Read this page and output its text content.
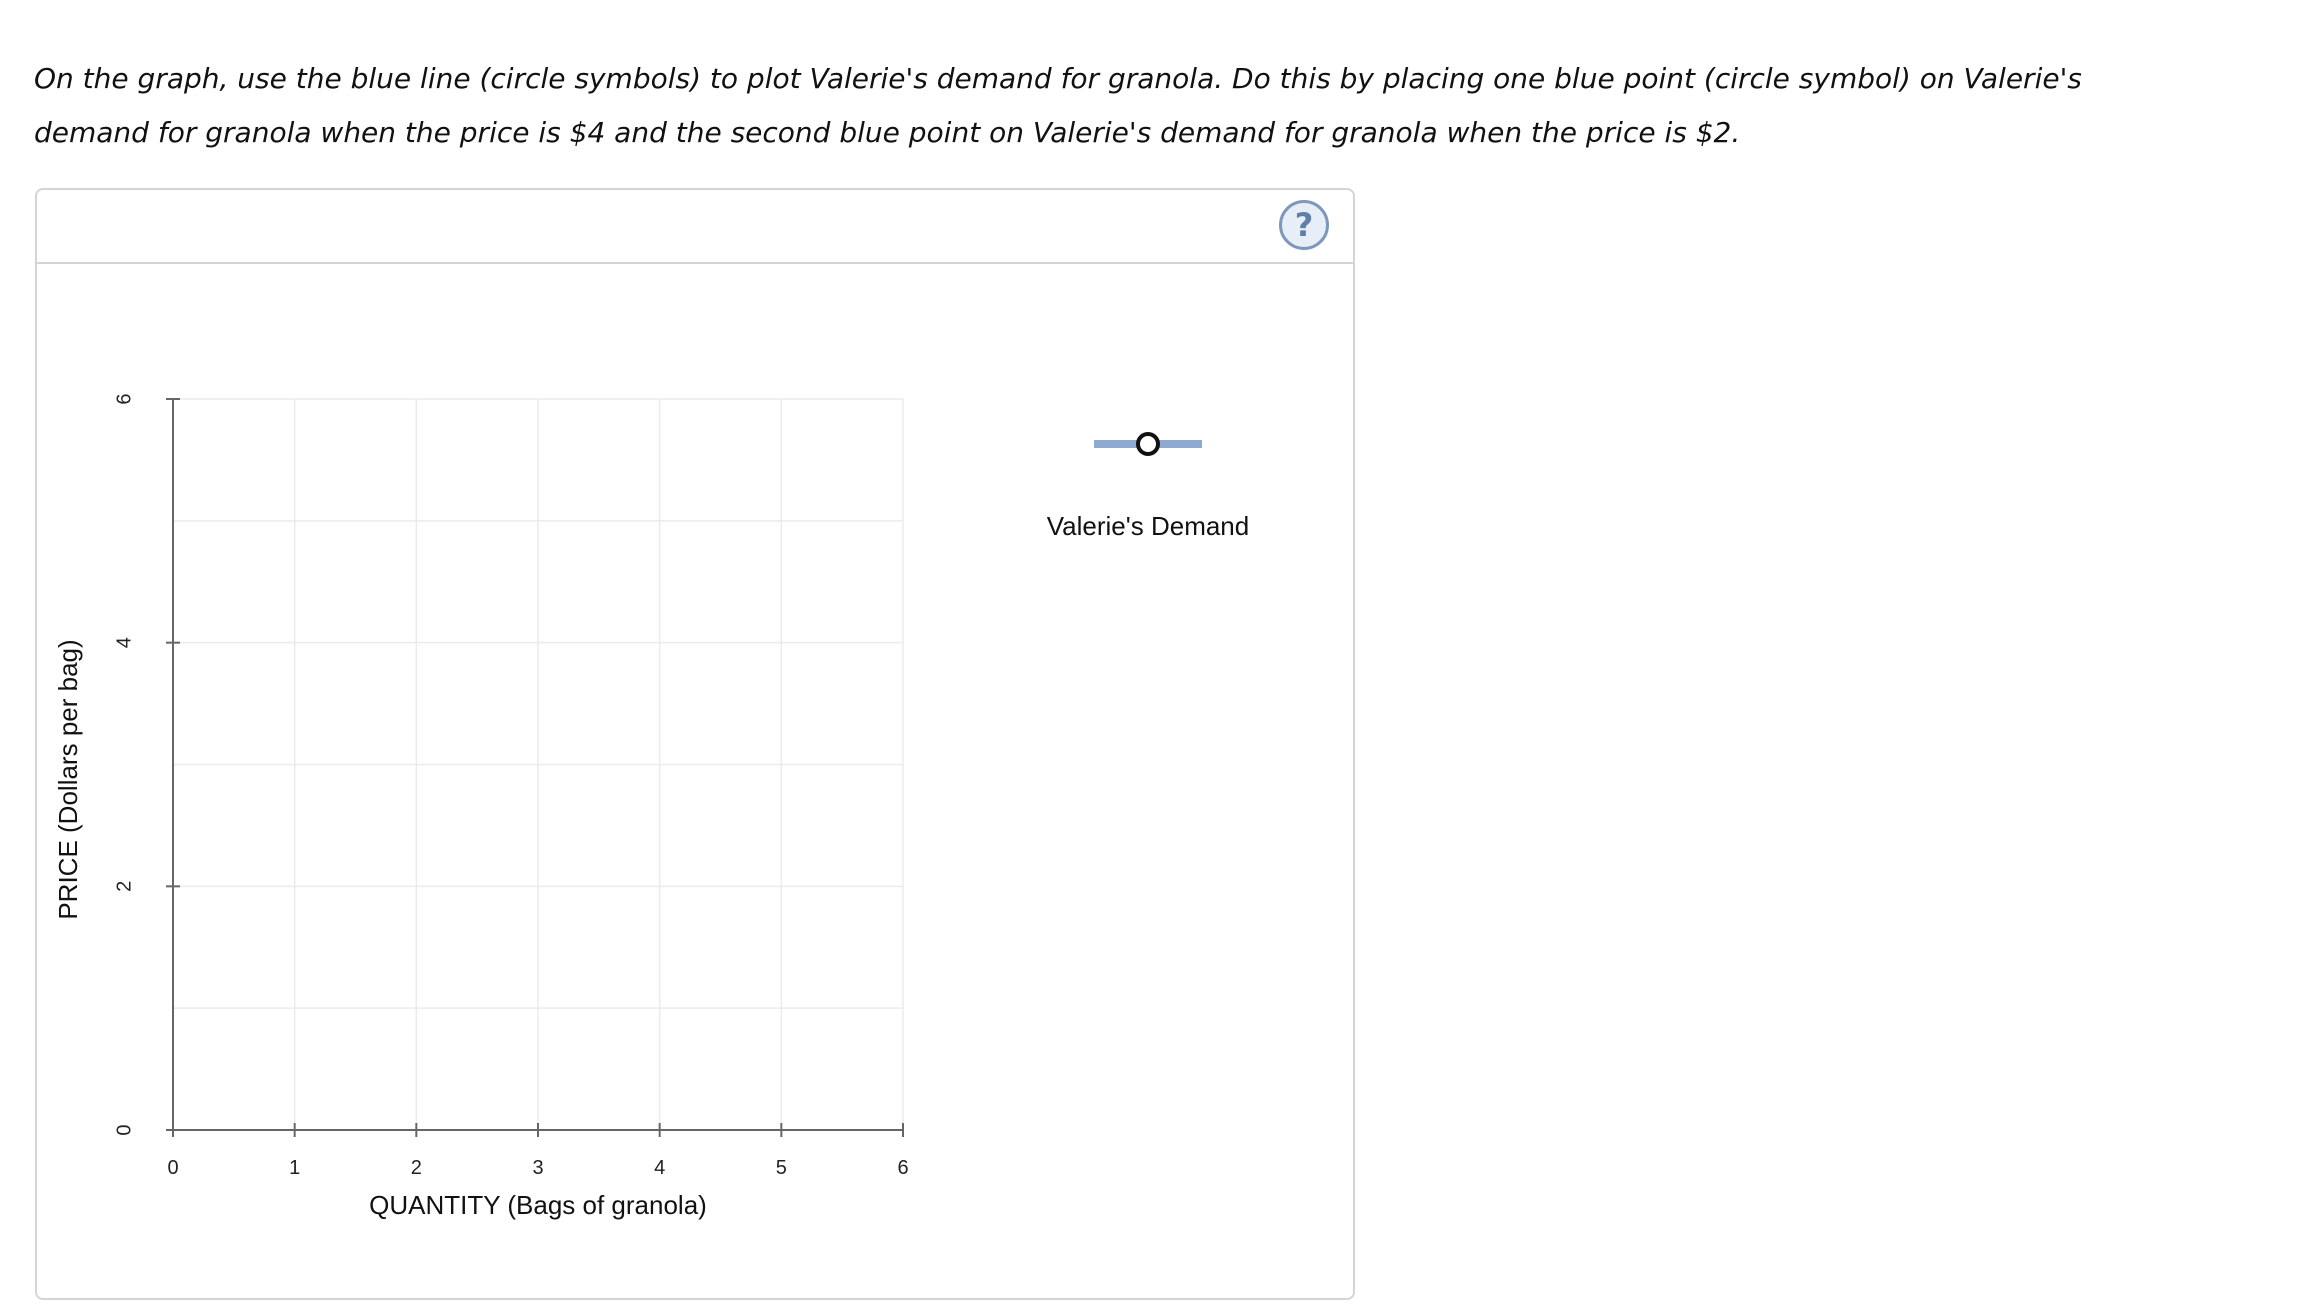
On the graph, use the blue line (circle symbols) to plot Valerie's demand for granola. Do this by placing one blue point (circle symbol) on Valerie's
demand for granola when the price is $4 and the second blue point on Valerie's demand for granola when the price is $2.

?
0	1	2	3	4	5	6
0
2
4
6
QUANTITY (Bags of granola)
PRICE (Dollars per bag)
Valerie's Demand
